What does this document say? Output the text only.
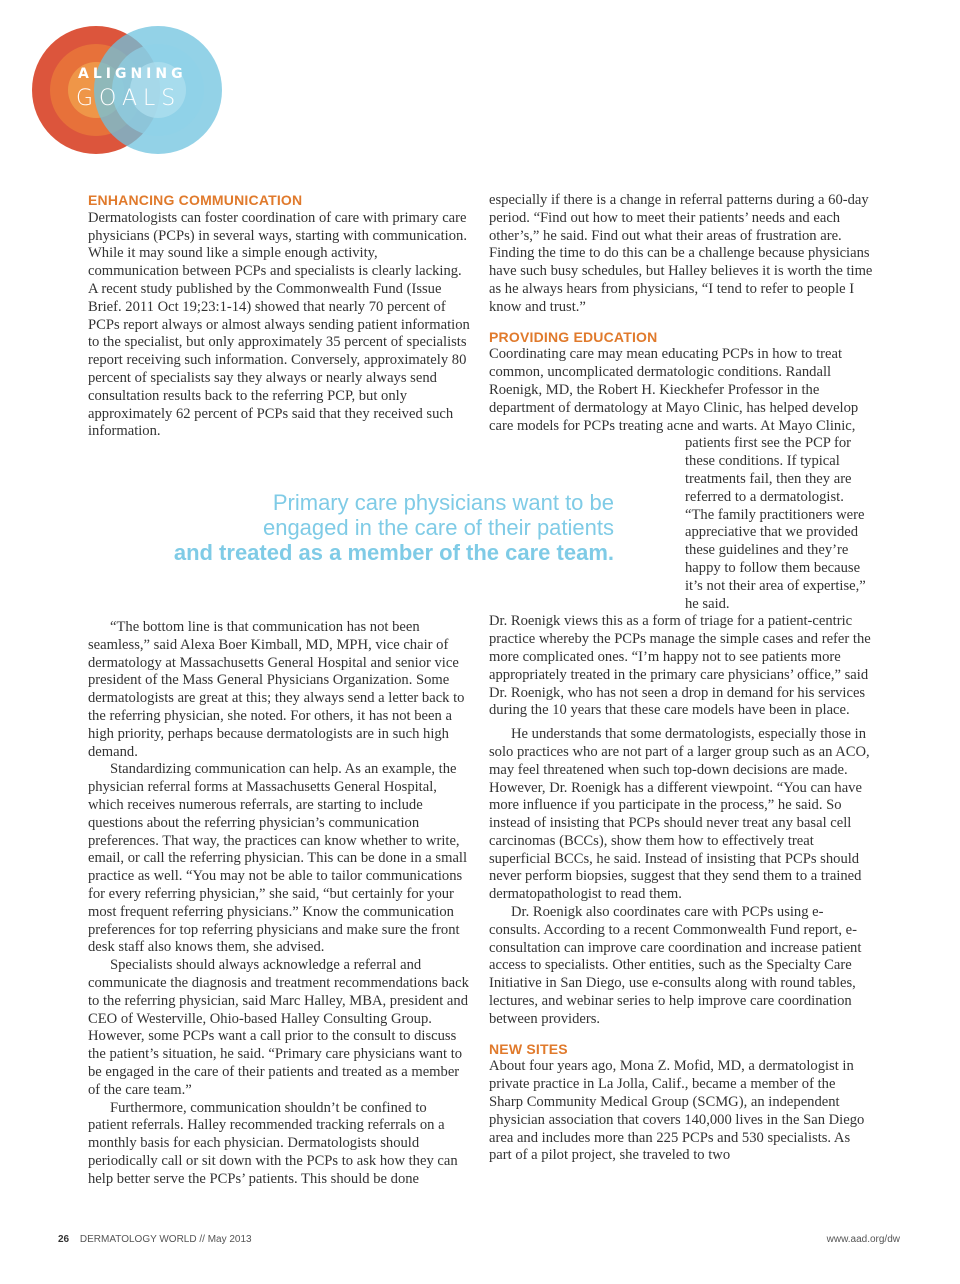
ALIGNING
GOALS
ENHANCING COMMUNICATION

Dermatologists can foster coordination of care with primary care physicians (PCPs) in several ways, starting with communication. While it may sound like a simple enough activity, communication between PCPs and specialists is clearly lacking. A recent study published by the Commonwealth Fund (Issue Brief. 2011 Oct 19;23:1-14) showed that nearly 70 percent of PCPs report always or almost always sending patient information to the specialist, but only approximately 35 percent of specialists report receiving such information. Conversely, approximately 80 percent of specialists say they always or nearly always send consultation results back to the referring PCP, but only approximately 62 percent of PCPs said that they received such information.

Primary care physicians want to be
engaged in the care of their patients
and treated as a member of the care team.

“The bottom line is that communication has not been seamless,” said Alexa Boer Kimball, MD, MPH, vice chair of dermatology at Massachusetts General Hospital and senior vice president of the Mass General Physicians Organization. Some dermatologists are great at this; they always send a letter back to the referring physician, she noted. For others, it has not been a high priority, perhaps because dermatologists are in such high demand.

Standardizing communication can help. As an example, the physician referral forms at Massachusetts General Hospital, which receives numerous referrals, are starting to include questions about the referring physician’s communication preferences. That way, the practices can know whether to write, email, or call the referring physician. This can be done in a small practice as well. “You may not be able to tailor communications for every referring physician,” she said, “but certainly for your most frequent referring physicians.” Know the communication preferences for top referring physicians and make sure the front desk staff also knows them, she advised.

Specialists should always acknowledge a referral and communicate the diagnosis and treatment recommendations back to the referring physician, said Marc Halley, MBA, president and CEO of Westerville, Ohio-based Halley Consulting Group. However, some PCPs want a call prior to the consult to discuss the patient’s situation, he said. “Primary care physicians want to be engaged in the care of their patients and treated as a member of the care team.”

Furthermore, communication shouldn’t be confined to patient referrals. Halley recommended tracking referrals on a monthly basis for each physician. Dermatologists should periodically call or sit down with the PCPs to ask how they can help better serve the PCPs’ patients. This should be done

especially if there is a change in referral patterns during a 60-day period. “Find out how to meet their patients’ needs and each other’s,” he said. Find out what their areas of frustration are. Finding the time to do this can be a challenge because physicians have such busy schedules, but Halley believes it is worth the time as he always hears from physicians, “I tend to refer to people I know and trust.”

PROVIDING EDUCATION

Coordinating care may mean educating PCPs in how to treat common, uncomplicated dermatologic conditions. Randall Roenigk, MD, the Robert H. Kieckhefer Professor in the department of dermatology at Mayo Clinic, has helped develop care models for PCPs treating acne and warts. At Mayo Clinic,

patients first see the PCP for these conditions. If typical treatments fail, then they are referred to a dermatologist. “The family practitioners were appreciative that we provided these guidelines and they’re happy to follow them because it’s not their area of expertise,” he said.

Dr. Roenigk views this as a form of triage for a patient-centric practice whereby the PCPs manage the simple cases and refer the more complicated ones. “I’m happy not to see patients more appropriately treated in the primary care physicians’ office,” said Dr. Roenigk, who has not seen a drop in demand for his services during the 10 years that these care models have been in place.

He understands that some dermatologists, especially those in solo practices who are not part of a larger group such as an ACO, may feel threatened when such top-down decisions are made. However, Dr. Roenigk has a different viewpoint. “You can have more influence if you participate in the process,” he said. So instead of insisting that PCPs should never treat any basal cell carcinomas (BCCs), show them how to effectively treat superficial BCCs, he said. Instead of insisting that PCPs should never perform biopsies, suggest that they send them to a trained dermatopathologist to read them.

Dr. Roenigk also coordinates care with PCPs using e-consults. According to a recent Commonwealth Fund report, e-consultation can improve care coordination and increase patient access to specialists. Other entities, such as the Specialty Care Initiative in San Diego, use e-consults along with round tables, lectures, and webinar series to help improve care coordination between providers.

NEW SITES

About four years ago, Mona Z. Mofid, MD, a dermatologist in private practice in La Jolla, Calif., became a member of the Sharp Community Medical Group (SCMG), an independent physician association that covers 140,000 lives in the San Diego area and includes more than 225 PCPs and 530 specialists. As part of a pilot project, she traveled to two

26 DERMATOLOGY WORLD // May 2013	www.aad.org/dw
